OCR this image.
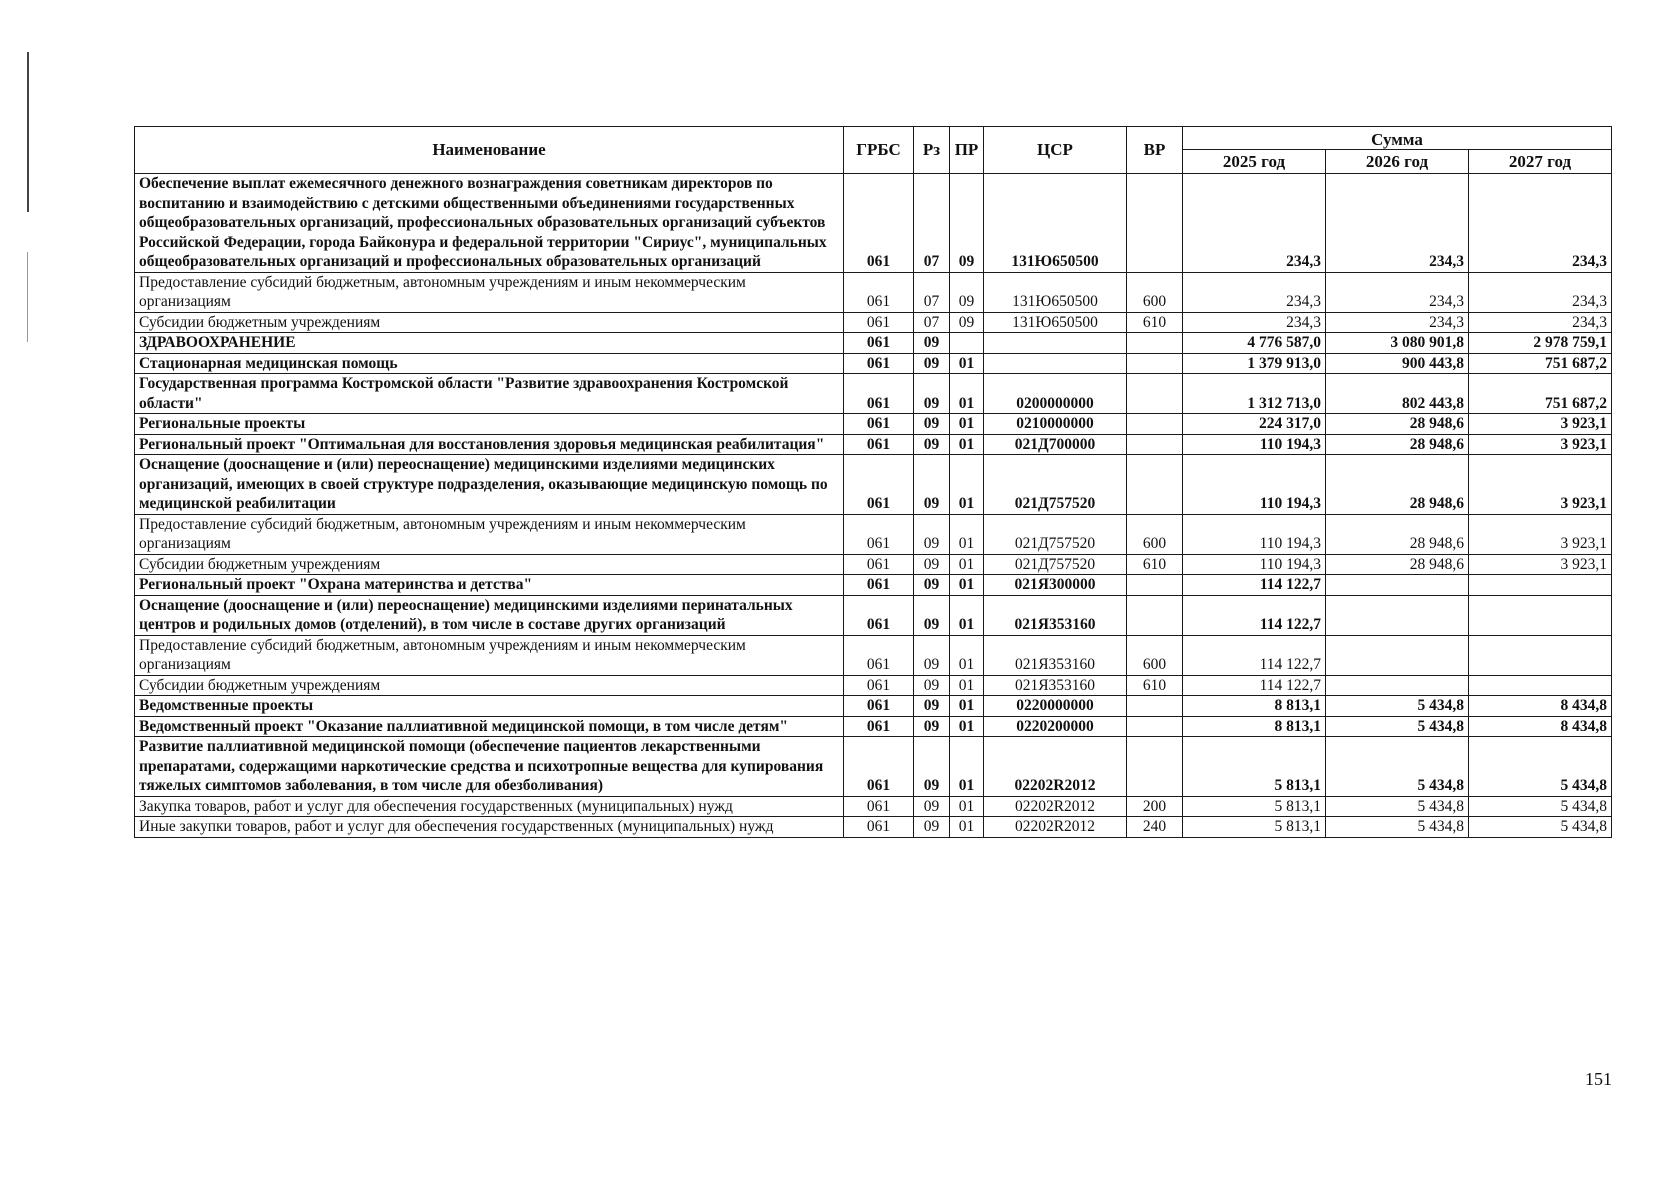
Наименование	ГРБС	Рз	ПР	ЦСР	ВР	Сумма		
						2025 год	2026 год	2027 год
Обеспечение выплат ежемесячного денежного вознаграждения советникам директоров по воспитанию и взаимодействию с детскими общественными объединениями государственных общеобразовательных организаций, профессиональных образовательных организаций субъектов Российской Федерации, города Байконура и федеральной территории "Сириус", муниципальных общеобразовательных организаций и профессиональных образовательных организаций	061	07	09	131Ю650500		234,3	234,3	234,3
Предоставление субсидий бюджетным, автономным учреждениям и иным некоммерческим организациям	061	07	09	131Ю650500	600	234,3	234,3	234,3
Субсидии бюджетным учреждениям	061	07	09	131Ю650500	610	234,3	234,3	234,3
ЗДРАВООХРАНЕНИЕ	061	09				4 776 587,0	3 080 901,8	2 978 759,1
Стационарная медицинская помощь	061	09	01			1 379 913,0	900 443,8	751 687,2
Государственная программа Костромской области "Развитие здравоохранения Костромской области"	061	09	01	0200000000		1 312 713,0	802 443,8	751 687,2
Региональные проекты	061	09	01	0210000000		224 317,0	28 948,6	3 923,1
Региональный проект "Оптимальная для восстановления здоровья медицинская реабилитация"	061	09	01	021Д700000		110 194,3	28 948,6	3 923,1
Оснащение (дооснащение и (или) переоснащение) медицинскими изделиями медицинских организаций, имеющих в своей структуре подразделения, оказывающие медицинскую помощь по медицинской реабилитации	061	09	01	021Д757520		110 194,3	28 948,6	3 923,1
Предоставление субсидий бюджетным, автономным учреждениям и иным некоммерческим организациям	061	09	01	021Д757520	600	110 194,3	28 948,6	3 923,1
Субсидии бюджетным учреждениям	061	09	01	021Д757520	610	110 194,3	28 948,6	3 923,1
Региональный проект "Охрана материнства и детства"	061	09	01	021Я300000		114 122,7		
Оснащение (дооснащение и (или) переоснащение) медицинскими изделиями перинатальных центров и родильных домов (отделений), в том числе в составе других организаций	061	09	01	021Я353160		114 122,7		
Предоставление субсидий бюджетным, автономным учреждениям и иным некоммерческим организациям	061	09	01	021Я353160	600	114 122,7		
Субсидии бюджетным учреждениям	061	09	01	021Я353160	610	114 122,7		
Ведомственные проекты	061	09	01	0220000000		8 813,1	5 434,8	8 434,8
Ведомственный проект "Оказание паллиативной медицинской помощи, в том числе детям"	061	09	01	0220200000		8 813,1	5 434,8	8 434,8
Развитие паллиативной медицинской помощи (обеспечение пациентов лекарственными препаратами, содержащими наркотические средства и психотропные вещества для купирования тяжелых симптомов заболевания, в том числе для обезболивания)	061	09	01	02202R2012		5 813,1	5 434,8	5 434,8
Закупка товаров, работ и услуг для обеспечения государственных (муниципальных) нужд	061	09	01	02202R2012	200	5 813,1	5 434,8	5 434,8
Иные закупки товаров, работ и услуг для обеспечения государственных (муниципальных) нужд	061	09	01	02202R2012	240	5 813,1	5 434,8	5 434,8
151
